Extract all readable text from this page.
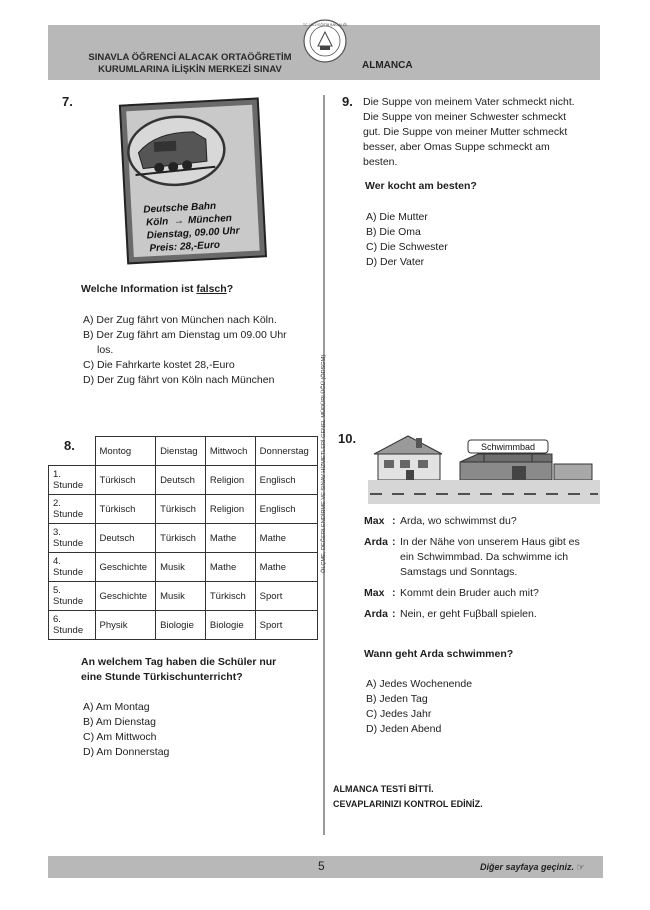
SINAVLA ÖĞRENCİ ALACAK ORTAÖĞRETİM
KURUMLARINA İLİŞKİN MERKEZİ SINAV
T.C. MİLLÎ EĞİTİM BAKANLIĞI
ALMANCA
ÖLÇME, DEĞERLENDİRME VE SINAV HİZMETLERİ GENEL MÜDÜRLÜĞÜ (ÖDSGM)
7.
Deutsche Bahn
Köln → München
Dienstag, 09.00 Uhr
Preis: 28,-Euro
Welche Information ist falsch?
A) Der Zug fährt von München nach Köln.
B) Der Zug fährt am Dienstag um 09.00 Uhr
los.
C) Die Fahrkarte kostet 28,-Euro
D) Der Zug fährt von Köln nach München
8.
		Montog	Dienstag	Mittwoch	Donnerstag
1.
Stunde	Türkisch	Deutsch	Religion	Englisch
2.
Stunde	Türkisch	Türkisch	Religion	Englisch
3.
Stunde	Deutsch	Türkisch	Mathe	Mathe
4.
Stunde	Geschichte	Musik	Mathe	Mathe
5.
Stunde	Geschichte	Musik	Türkisch	Sport
6.
Stunde	Physik	Biologie	Biologie	Sport
An welchem Tag haben die Schüler nur
eine Stunde Türkischunterricht?
A) Am Montag
B) Am Dienstag
C) Am Mittwoch
D) Am Donnerstag
9. Die Suppe von meinem Vater schmeckt nicht.
Die Suppe von meiner Schwester schmeckt
gut. Die Suppe von meiner Mutter schmeckt
besser, aber Omas Suppe schmeckt am
besten.
Wer kocht am besten?
A) Die Mutter
B) Die Oma
C) Die Schwester
D) Der Vater
10.
Schwimmbad
Max : Arda, wo schwimmst du?
Arda : In der Nähe von unserem Haus gibt es
ein Schwimmbad. Da schwimme ich
Samstags und Sonntags.
Max : Kommt dein Bruder auch mit?
Arda : Nein, er geht Fuβball spielen.
Wann geht Arda schwimmen?
A) Jedes Wochenende
B) Jeden Tag
C) Jedes Jahr
D) Jeden Abend
ALMANCA TESTİ BİTTİ.
CEVAPLARINIZI KONTROL EDİNİZ.
5	Diğer sayfaya geçiniz. ☞
